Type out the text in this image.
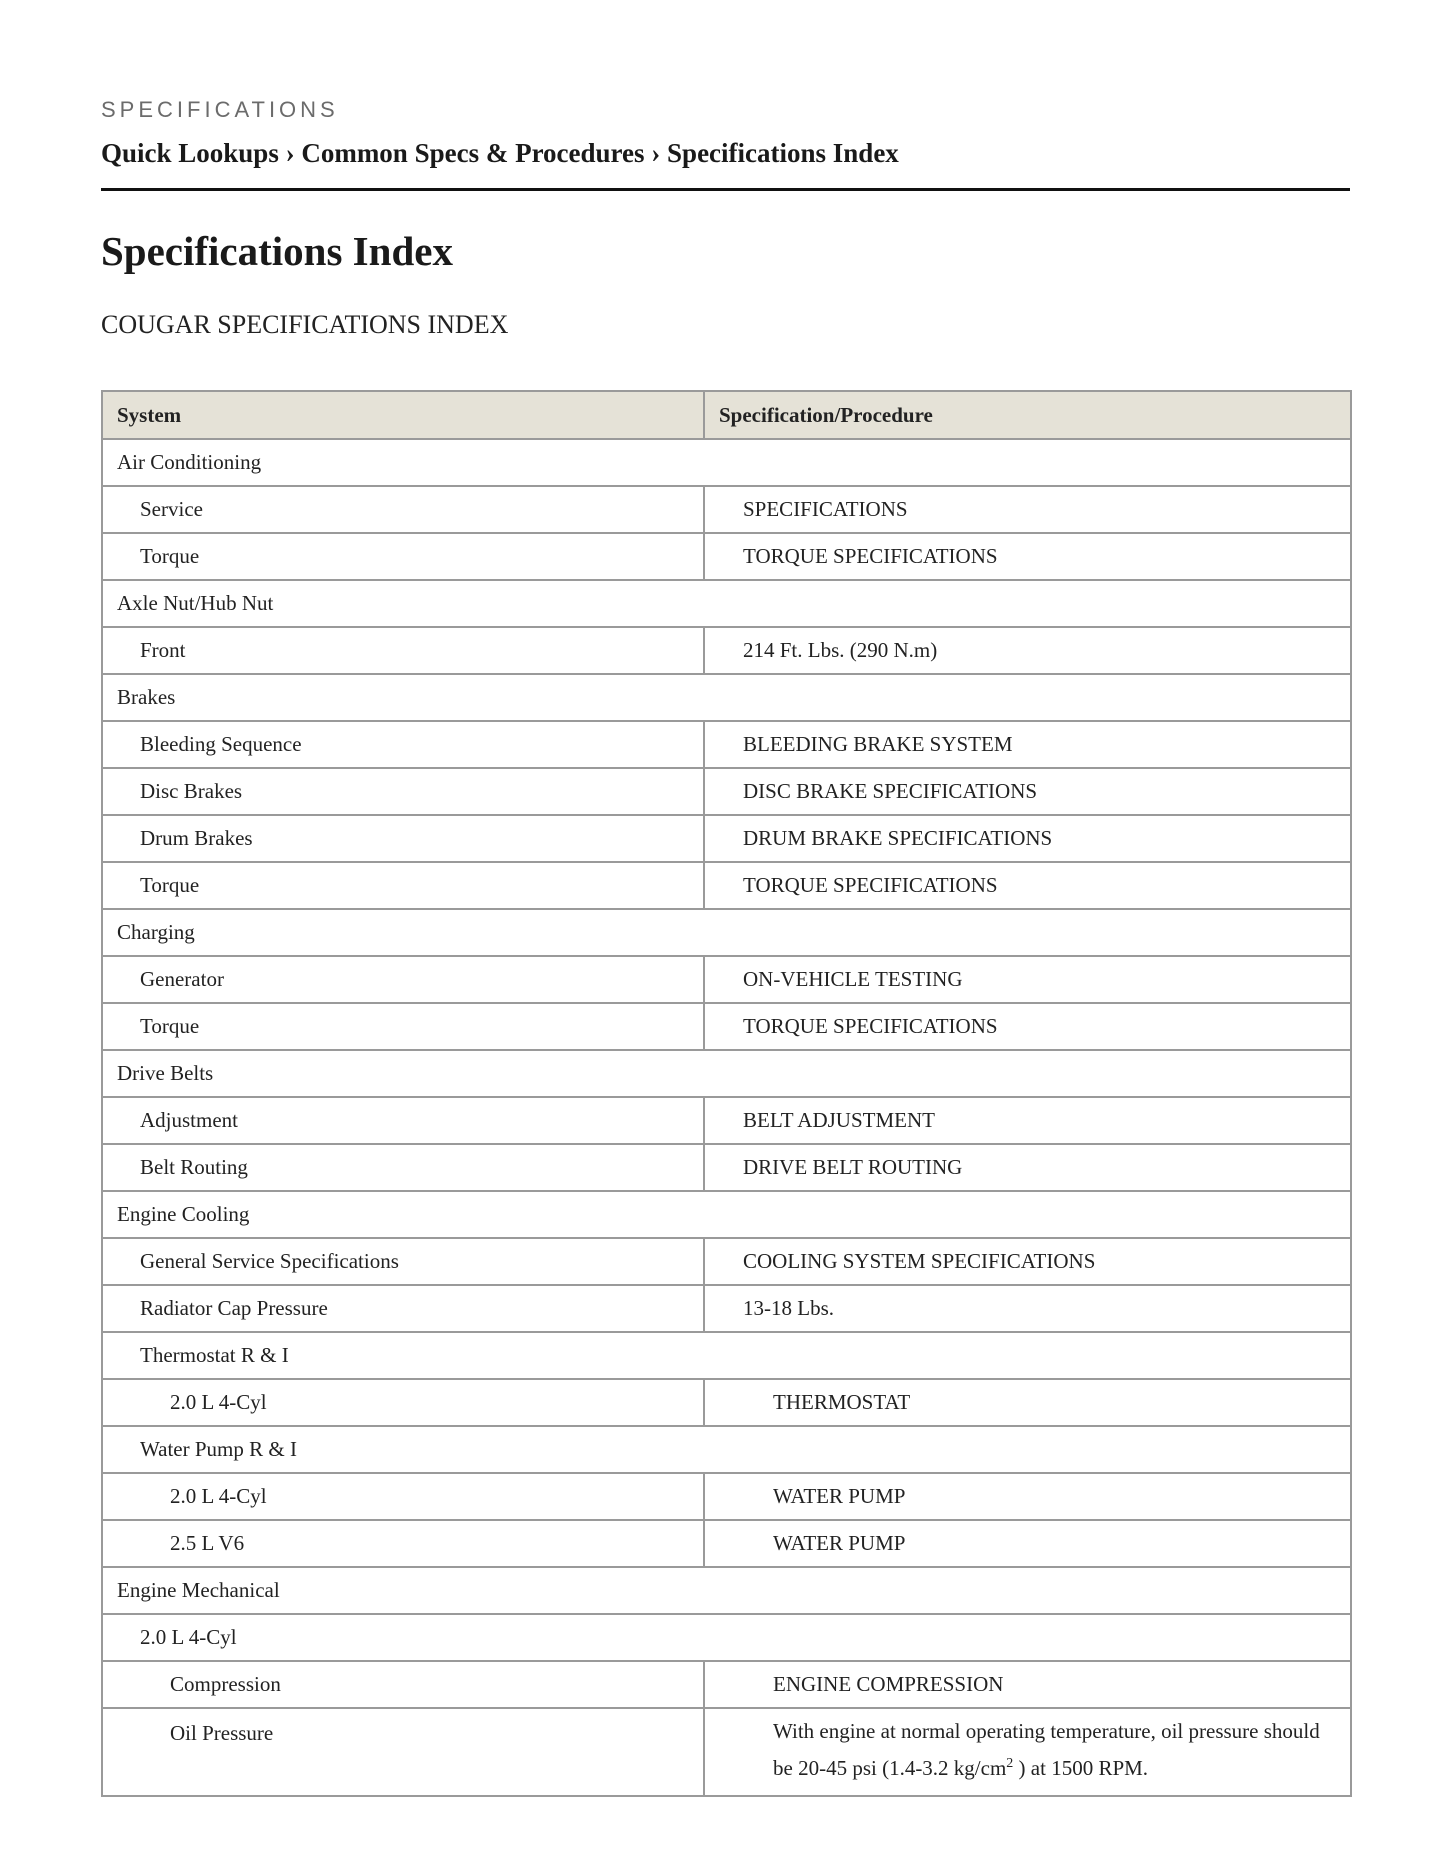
SPECIFICATIONS
Quick Lookups › Common Specs & Procedures › Specifications Index
Specifications Index
COUGAR SPECIFICATIONS INDEX
System	Specification/Procedure
Air Conditioning	
Service	SPECIFICATIONS
Torque	TORQUE SPECIFICATIONS
Axle Nut/Hub Nut	
Front	214 Ft. Lbs. (290 N.m)
Brakes	
Bleeding Sequence	BLEEDING BRAKE SYSTEM
Disc Brakes	DISC BRAKE SPECIFICATIONS
Drum Brakes	DRUM BRAKE SPECIFICATIONS
Torque	TORQUE SPECIFICATIONS
Charging	
Generator	ON-VEHICLE TESTING
Torque	TORQUE SPECIFICATIONS
Drive Belts	
Adjustment	BELT ADJUSTMENT
Belt Routing	DRIVE BELT ROUTING
Engine Cooling	
General Service Specifications	COOLING SYSTEM SPECIFICATIONS
Radiator Cap Pressure	13-18 Lbs.
Thermostat R & I	
2.0 L 4-Cyl	THERMOSTAT
Water Pump R & I	
2.0 L 4-Cyl	WATER PUMP
2.5 L V6	WATER PUMP
Engine Mechanical	
2.0 L 4-Cyl	
Compression	ENGINE COMPRESSION
Oil Pressure	With engine at normal operating temperature, oil pressure should be 20-45 psi (1.4-3.2 $kg/cm^2$ ) at 1500 RPM.
